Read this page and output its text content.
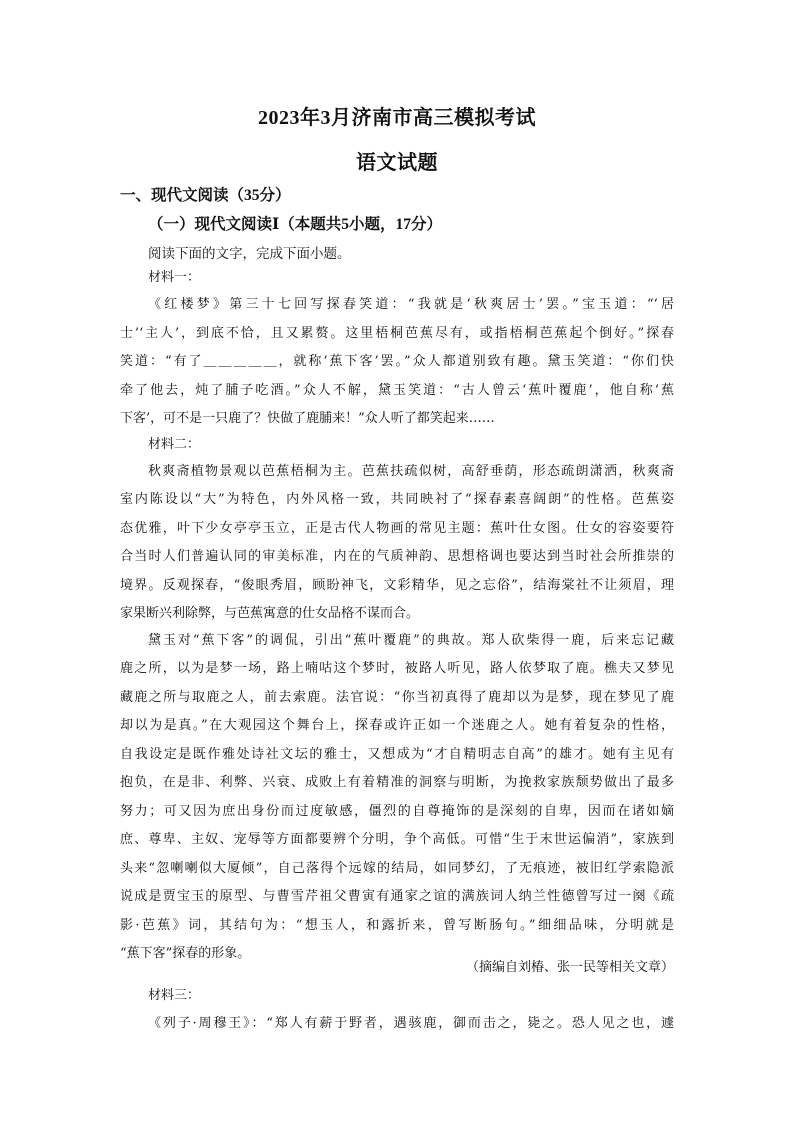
2023年3月济南市高三模拟考试
语文试题
一、现代文阅读（35分）
（一）现代文阅读Ⅰ（本题共5小题，17分）
阅读下面的文字，完成下面小题。
材料一：
《红楼梦》第三十七回写探春笑道：“我就是‘秋爽居士’罢。”宝玉道：“‘居
士’‘主人’，到底不恰，且又累赘。这里梧桐芭蕉尽有，或指梧桐芭蕉起个倒好。”探春
笑道：“有了＿＿＿＿＿，就称‘蕉下客’罢。”众人都道别致有趣。黛玉笑道：“你们快
牵了他去，炖了脯子吃酒。”众人不解，黛玉笑道：“古人曾云‘蕉叶覆鹿’，他自称‘蕉
下客’，可不是一只鹿了？快做了鹿脯来！”众人听了都笑起来……
材料二：
秋爽斋植物景观以芭蕉梧桐为主。芭蕉扶疏似树，高舒垂荫，形态疏朗潇洒，秋爽斋
室内陈设以“大”为特色，内外风格一致，共同映衬了“探春素喜阔朗”的性格。芭蕉姿
态优雅，叶下少女亭亭玉立，正是古代人物画的常见主题：蕉叶仕女图。仕女的容姿要符
合当时人们普遍认同的审美标准，内在的气质神韵、思想格调也要达到当时社会所推崇的
境界。反观探春，“俊眼秀眉，顾盼神飞，文彩精华，见之忘俗”，结海棠社不让须眉，理
家果断兴利除弊，与芭蕉寓意的仕女品格不谋而合。
黛玉对“蕉下客”的调侃，引出“蕉叶覆鹿”的典故。郑人砍柴得一鹿，后来忘记藏
鹿之所，以为是梦一场，路上喃咕这个梦时，被路人听见，路人依梦取了鹿。樵夫又梦见
藏鹿之所与取鹿之人，前去索鹿。法官说：“你当初真得了鹿却以为是梦，现在梦见了鹿
却以为是真。”在大观园这个舞台上，探春或许正如一个迷鹿之人。她有着复杂的性格，
自我设定是既作雅处诗社文坛的雅士，又想成为“才自精明志自高”的雄才。她有主见有
抱负，在是非、利弊、兴衰、成败上有着精准的洞察与明断，为挽救家族颓势做出了最多
努力；可又因为庶出身份而过度敏感，僵烈的自尊掩饰的是深刻的自卑，因而在诸如嫡
庶、尊卑、主奴、宠辱等方面都要辨个分明，争个高低。可惜“生于末世运偏消”，家族到
头来“忽喇喇似大厦倾”，自己落得个远嫁的结局，如同梦幻，了无痕迹，被旧红学索隐派
说成是贾宝玉的原型、与曹雪芹祖父曹寅有通家之谊的满族词人纳兰性德曾写过一阕《疏
影·芭蕉》词，其结句为：“想玉人，和露折来，曾写断肠句。”细细品味，分明就是
“蕉下客”探春的形象。
（摘编自刘椿、张一民等相关文章）
材料三：
《列子·周穆王》：“郑人有薪于野者，遇骇鹿，御而击之，毙之。恐人见之也，遽
